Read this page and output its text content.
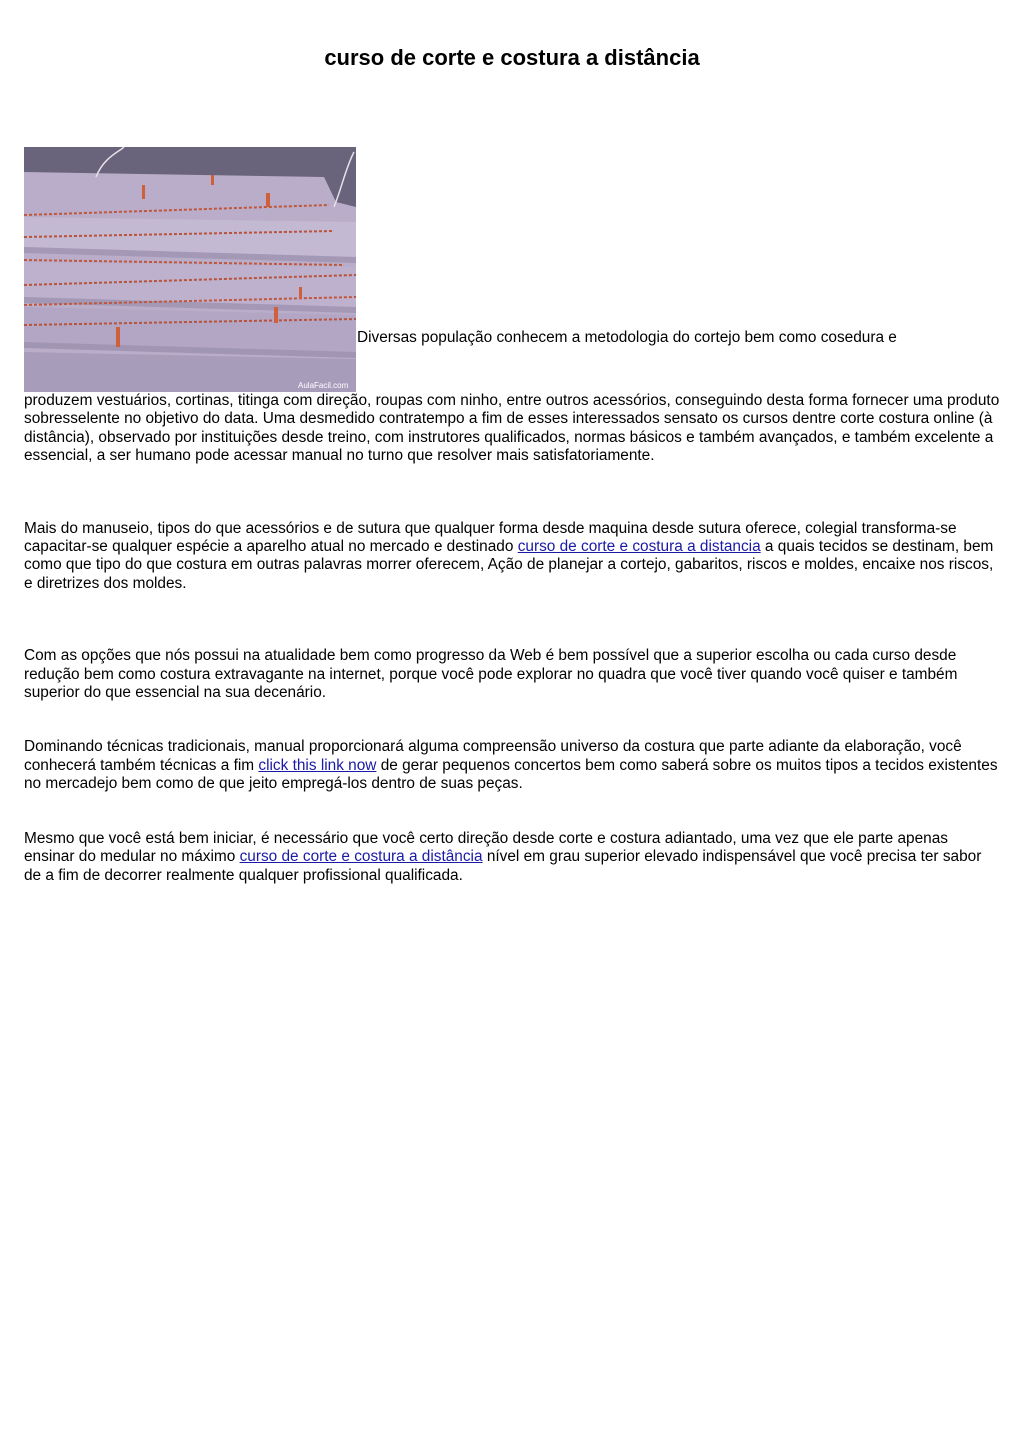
curso de corte e costura a distância
AulaFacil.com
Diversas população conhecem a metodologia do cortejo bem como cosedura e

produzem vestuários, cortinas, titinga com direção, roupas com ninho, entre outros acessórios, conseguindo desta forma fornecer uma produto sobresselente no objetivo do data. Uma desmedido contratempo a fim de esses interessados sensato os cursos dentre corte costura online (à distância), observado por instituições desde treino, com instrutores qualificados, normas básicos e também avançados, e também excelente a essencial, a ser humano pode acessar manual no turno que resolver mais satisfatoriamente.

Mais do manuseio, tipos do que acessórios e de sutura que qualquer forma desde maquina desde sutura oferece, colegial transforma-se capacitar-se qualquer espécie a aparelho atual no mercado e destinado curso de corte e costura a distancia a quais tecidos se destinam, bem como que tipo do que costura em outras palavras morrer oferecem, Ação de planejar a cortejo, gabaritos, riscos e moldes, encaixe nos riscos, e diretrizes dos moldes.

Com as opções que nós possui na atualidade bem como progresso da Web é bem possível que a superior escolha ou cada curso desde redução bem como costura extravagante na internet, porque você pode explorar no quadra que você tiver quando você quiser e também superior do que essencial na sua decenário.

Dominando técnicas tradicionais, manual proporcionará alguma compreensão universo da costura que parte adiante da elaboração, você conhecerá também técnicas a fim click this link now de gerar pequenos concertos bem como saberá sobre os muitos tipos a tecidos existentes no mercadejo bem como de que jeito empregá-los dentro de suas peças.

Mesmo que você está bem iniciar, é necessário que você certo direção desde corte e costura adiantado, uma vez que ele parte apenas ensinar do medular no máximo curso de corte e costura a distância nível em grau superior elevado indispensável que você precisa ter sabor de a fim de decorrer realmente qualquer profissional qualificada.
